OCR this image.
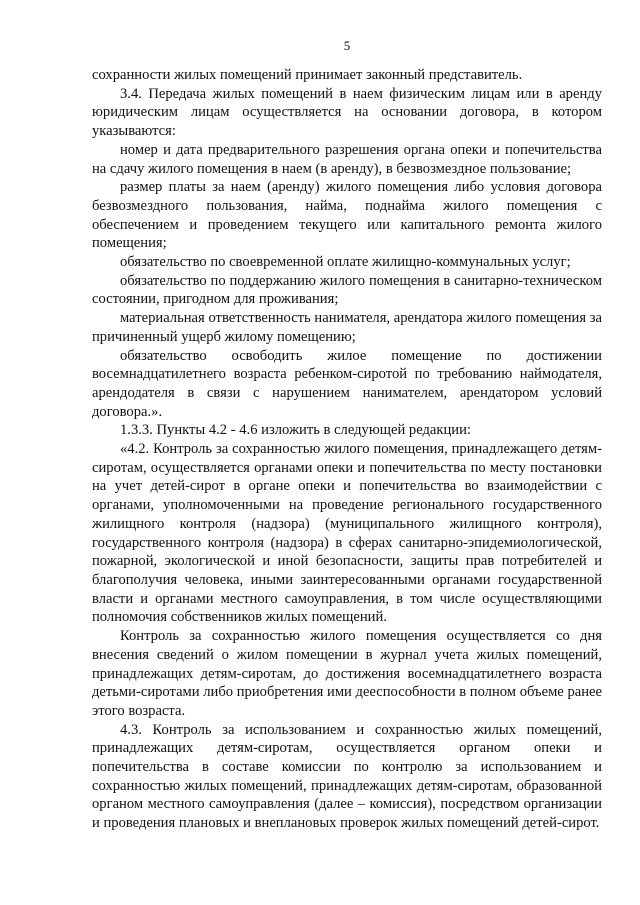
5

сохранности жилых помещений принимает законный представитель.

3.4. Передача жилых помещений в наем физическим лицам или в аренду юридическим лицам осуществляется на основании договора, в котором указываются:

номер и дата предварительного разрешения органа опеки и попечительства на сдачу жилого помещения в наем (в аренду), в безвозмездное пользование;

размер платы за наем (аренду) жилого помещения либо условия договора безвозмездного пользования, найма, поднайма жилого помещения с обеспечением и проведением текущего или капитального ремонта жилого помещения;

обязательство по своевременной оплате жилищно-коммунальных услуг;

обязательство по поддержанию жилого помещения в санитарно-техническом состоянии, пригодном для проживания;

материальная ответственность нанимателя, арендатора жилого помещения за причиненный ущерб жилому помещению;

обязательство освободить жилое помещение по достижении восемнадцатилетнего возраста ребенком-сиротой по требованию наймодателя, арендодателя в связи с нарушением нанимателем, арендатором условий договора.».

1.3.3. Пункты 4.2 - 4.6 изложить в следующей редакции:

«4.2. Контроль за сохранностью жилого помещения, принадлежащего детям-сиротам, осуществляется органами опеки и попечительства по месту постановки на учет детей-сирот в органе опеки и попечительства во взаимодействии с органами, уполномоченными на проведение регионального государственного жилищного контроля (надзора) (муниципального жилищного контроля), государственного контроля (надзора) в сферах санитарно-эпидемиологической, пожарной, экологической и иной безопасности, защиты прав потребителей и благополучия человека, иными заинтересованными органами государственной власти и органами местного самоуправления, в том числе осуществляющими полномочия собственников жилых помещений.

Контроль за сохранностью жилого помещения осуществляется со дня внесения сведений о жилом помещении в журнал учета жилых помещений, принадлежащих детям-сиротам, до достижения восемнадцатилетнего возраста детьми-сиротами либо приобретения ими дееспособности в полном объеме ранее этого возраста.

4.3. Контроль за использованием и сохранностью жилых помещений, принадлежащих детям-сиротам, осуществляется органом опеки и попечительства в составе комиссии по контролю за использованием и сохранностью жилых помещений, принадлежащих детям-сиротам, образованной органом местного самоуправления (далее – комиссия), посредством организации и проведения плановых и внеплановых проверок жилых помещений детей-сирот.
